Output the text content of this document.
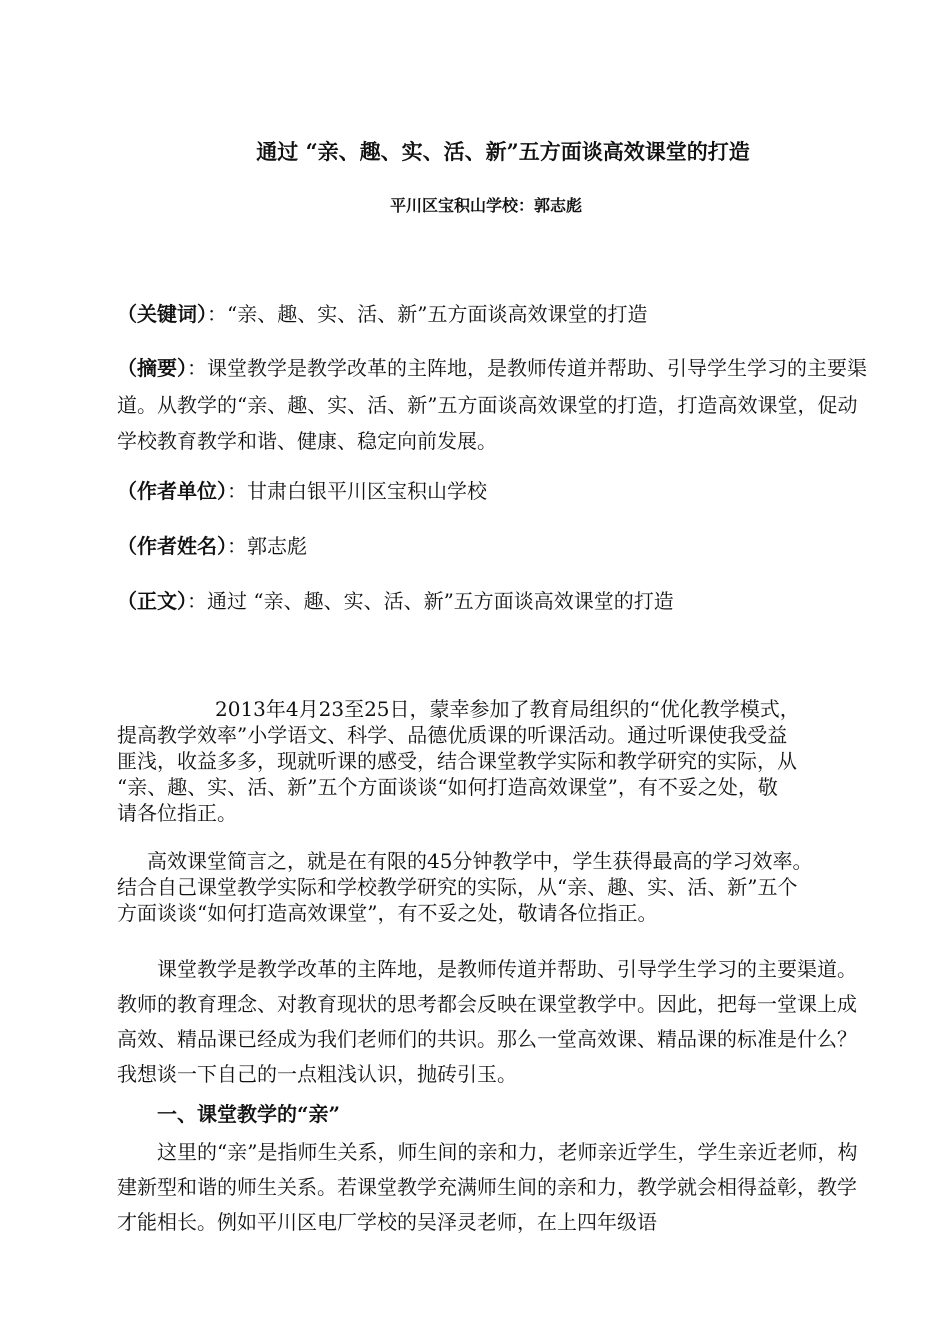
通过 “亲、趣、实、活、新”五方面谈高效课堂的打造
平川区宝积山学校：郭志彪
（关键词）：“亲、趣、实、活、新”五方面谈高效课堂的打造
（摘要）：课堂教学是教学改革的主阵地，是教师传道并帮助、引导学生学习的主要渠道。从教学的“亲、趣、实、活、新”五方面谈高效课堂的打造，打造高效课堂，促动学校教育教学和谐、健康、稳定向前发展。
（作者单位）：甘肃白银平川区宝积山学校
（作者姓名）：郭志彪
（正文）：通过 “亲、趣、实、活、新”五方面谈高效课堂的打造
2013年4月23至25日，蒙幸参加了教育局组织的“优化教学模式，
提高教学效率”小学语文、科学、品德优质课的听课活动。通过听课使我受益
匪浅，收益多多，现就听课的感受，结合课堂教学实际和教学研究的实际，从
“亲、趣、实、活、新”五个方面谈谈“如何打造高效课堂”，有不妥之处，敬
请各位指正。
高效课堂简言之，就是在有限的45分钟教学中，学生获得最高的学习效率。
结合自己课堂教学实际和学校教学研究的实际，从“亲、趣、实、活、新”五个
方面谈谈“如何打造高效课堂”，有不妥之处，敬请各位指正。
课堂教学是教学改革的主阵地，是教师传道并帮助、引导学生学习的主要渠道。教师的教育理念、对教育现状的思考都会反映在课堂教学中。因此，把每一堂课上成高效、精品课已经成为我们老师们的共识。那么一堂高效课、精品课的标准是什么？我想谈一下自己的一点粗浅认识，抛砖引玉。
一、课堂教学的“亲”
这里的“亲”是指师生关系，师生间的亲和力，老师亲近学生，学生亲近老师，构建新型和谐的师生关系。若课堂教学充满师生间的亲和力，教学就会相得益彰，教学才能相长。例如平川区电厂学校的吴泽灵老师，在上四年级语
